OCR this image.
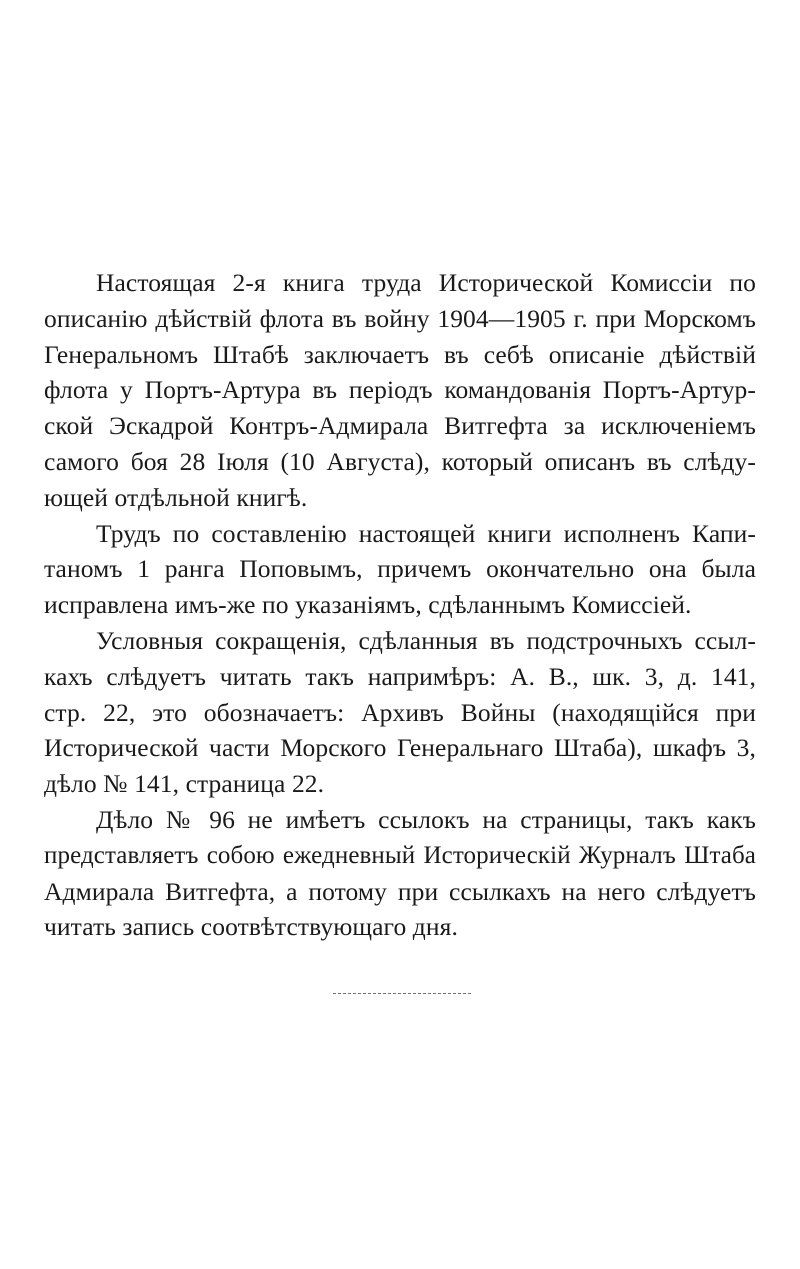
Настоящая 2-я книга труда Исторической Комиссіи по
описанію дѣйствій флота въ войну 1904—1905 г. при Морскомъ
Генеральномъ Штабѣ заключаетъ въ себѣ описаніе дѣйствій
флота у Портъ-Артура въ періодъ командованія Портъ-Артур-
ской Эскадрой Контръ-Адмирала Витгефта за исключеніемъ
самого боя 28 Іюля (10 Августа), который описанъ въ слѣду-
ющей отдѣльной книгѣ.
Трудъ по составленію настоящей книги исполненъ Капи-
таномъ 1 ранга Поповымъ, причемъ окончательно она была
исправлена имъ-же по указаніямъ, сдѣланнымъ Комиссіей.
Условныя сокращенія, сдѣланныя въ подстрочныхъ ссыл-
кахъ слѣдуетъ читать такъ напримѣръ: А. В., шк. 3, д. 141,
стр. 22, это обозначаетъ: Архивъ Войны (находящійся при
Исторической части Морского Генеральнаго Штаба), шкафъ 3,
дѣло № 141, страница 22.
Дѣло № 96 не имѣетъ ссылокъ на страницы, такъ какъ
представляетъ собою ежедневный Историческій Журналъ Штаба
Адмирала Витгефта, а потому при ссылкахъ на него слѣдуетъ
читать запись соотвѣтствующаго дня.
